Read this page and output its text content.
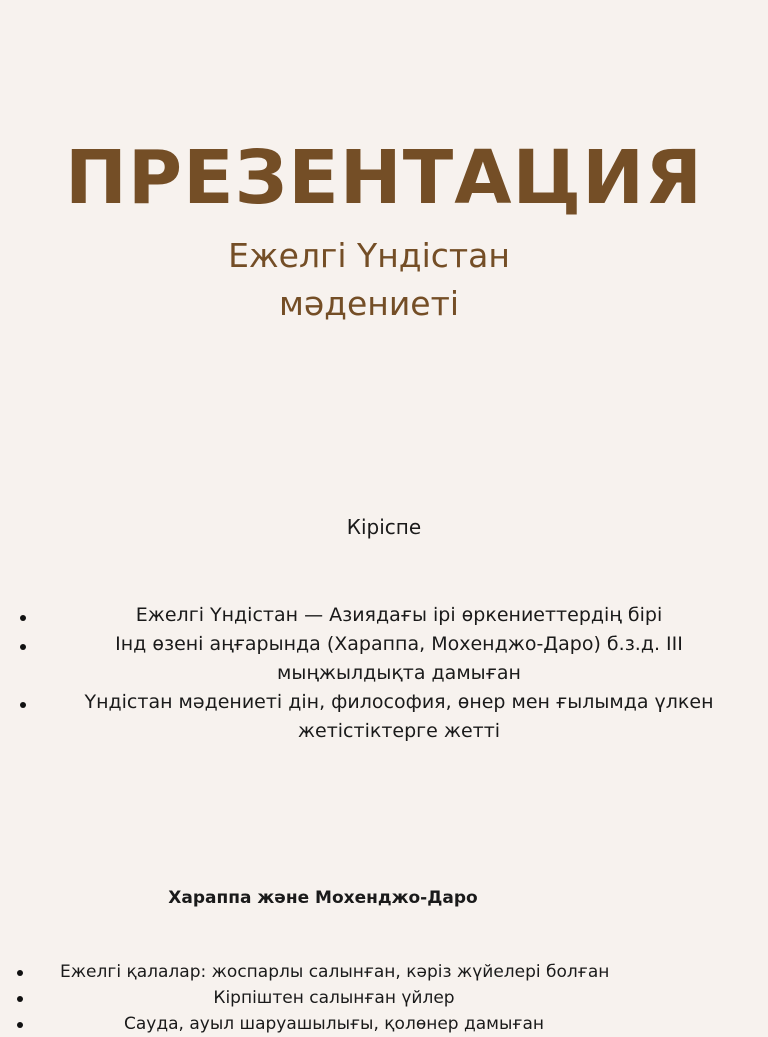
ПРЕЗЕНТАЦИЯ
Ежелгі Үндістан
мәдениеті
Кіріспе
Ежелгі Үндістан — Азиядағы ірі өркениеттердің бірі
Інд өзені аңғарында (Хараппа, Мохенджо-Даро) б.з.д. III мыңжылдықта дамыған
Үндістан мәдениеті дін, философия, өнер мен ғылымда үлкен жетістіктерге жетті
Хараппа және Мохенджо-Даро
Ежелгі қалалар: жоспарлы салынған, кәріз жүйелері болған
Кірпіштен салынған үйлер
Сауда, ауыл шаруашылығы, қолөнер дамыған
